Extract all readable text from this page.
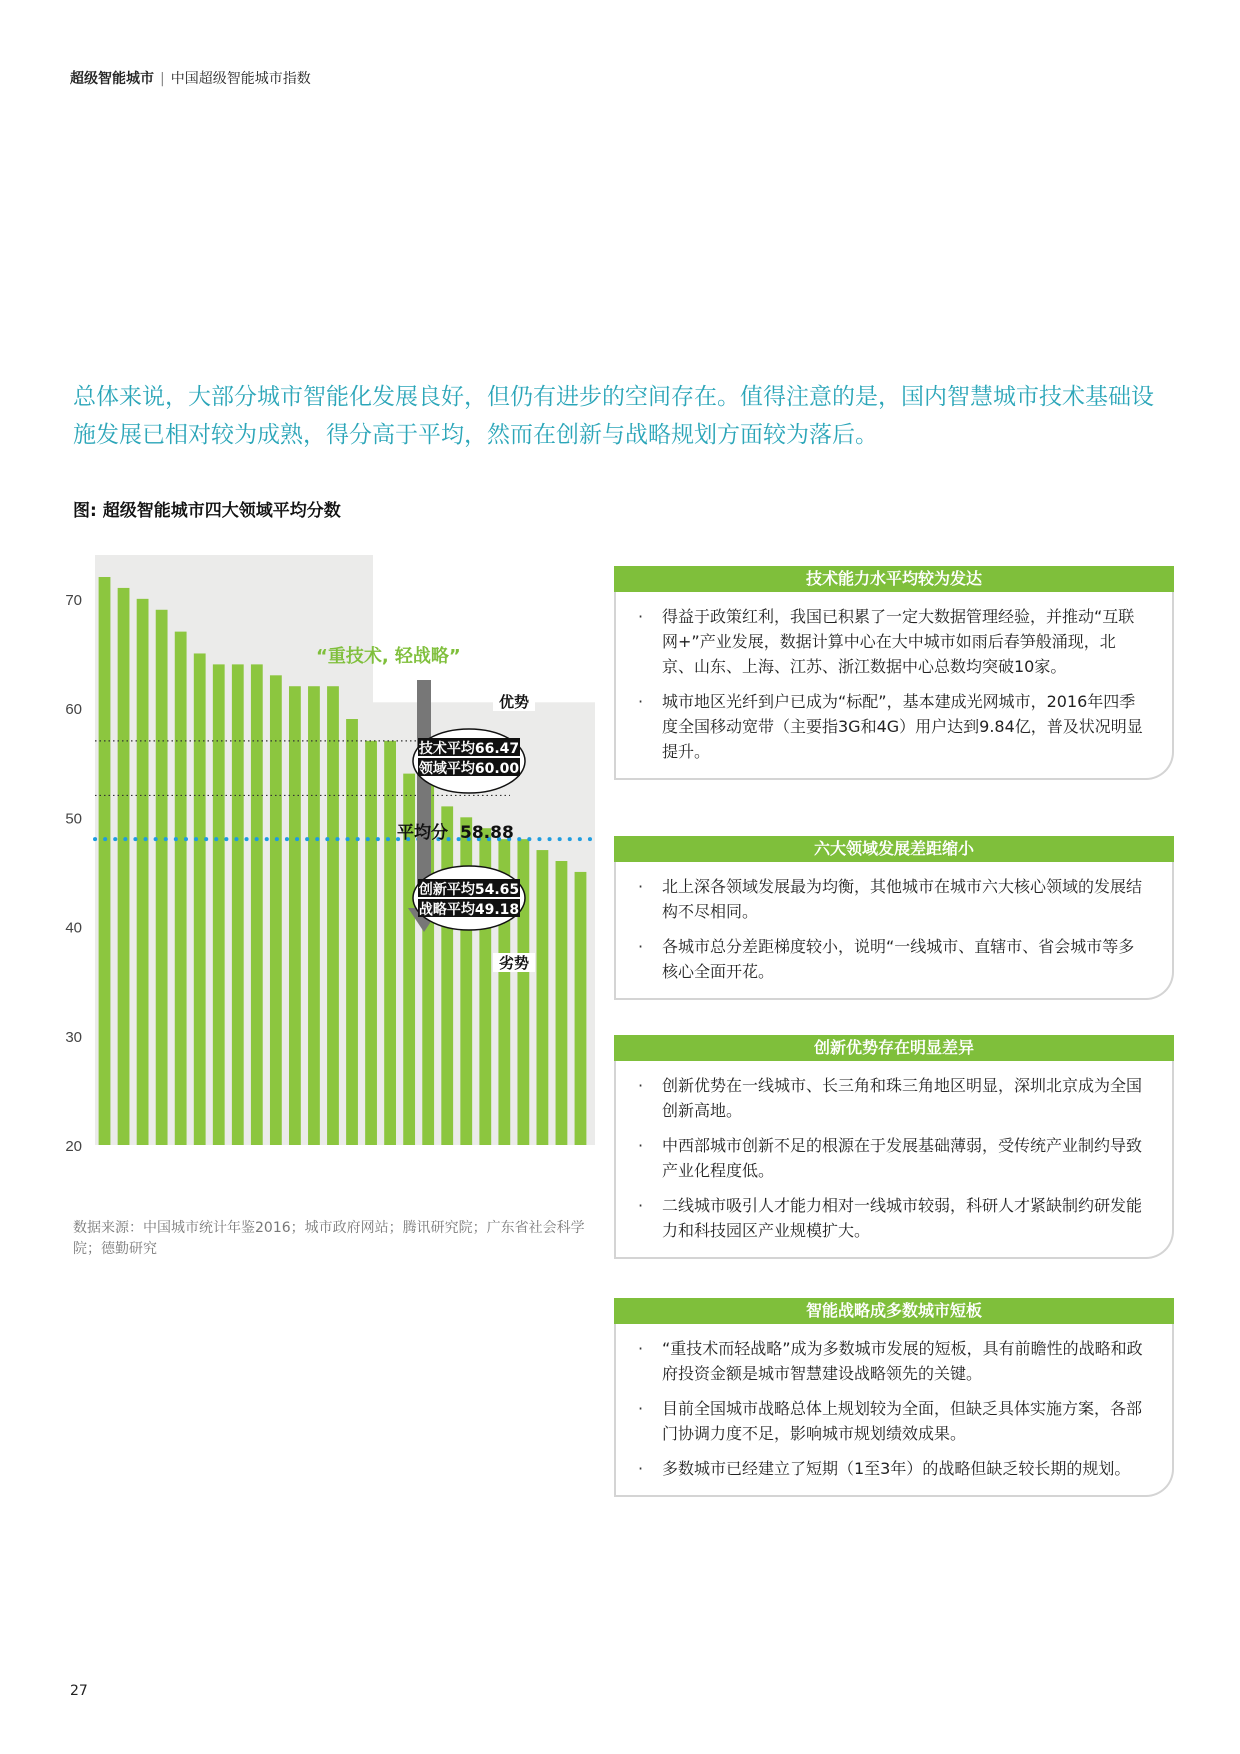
超级智能城市 | 中国超级智能城市指数
总体来说，大部分城市智能化发展良好，但仍有进步的空间存在。值得注意的是，国内智慧城市技术基础设施发展已相对较为成熟，得分高于平均，然而在创新与战略规划方面较为落后。
图: 超级智能城市四大领域平均分数
20
30
40
50
60
70
“重技术, 轻战略”
优势
技术平均66.47
领域平均60.00
平均分 58.88
创新平均54.65
战略平均49.18
劣势
数据来源：中国城市统计年鉴2016；城市政府网站；腾讯研究院；广东省社会科学院；德勤研究
技术能力水平均较为发达
· 得益于政策红利，我国已积累了一定大数据管理经验，并推动“互联网+”产业发展，数据计算中心在大中城市如雨后春笋般涌现，北京、山东、上海、江苏、浙江数据中心总数均突破10家。
· 城市地区光纤到户已成为“标配”，基本建成光网城市，2016年四季度全国移动宽带（主要指3G和4G）用户达到9.84亿，普及状况明显提升。
六大领域发展差距缩小
· 北上深各领域发展最为均衡，其他城市在城市六大核心领域的发展结构不尽相同。
· 各城市总分差距梯度较小，说明“一线城市、直辖市、省会城市等多核心全面开花。
创新优势存在明显差异
· 创新优势在一线城市、长三角和珠三角地区明显，深圳北京成为全国创新高地。
· 中西部城市创新不足的根源在于发展基础薄弱，受传统产业制约导致产业化程度低。
· 二线城市吸引人才能力相对一线城市较弱，科研人才紧缺制约研发能力和科技园区产业规模扩大。
智能战略成多数城市短板
· “重技术而轻战略”成为多数城市发展的短板，具有前瞻性的战略和政府投资金额是城市智慧建设战略领先的关键。
· 目前全国城市战略总体上规划较为全面，但缺乏具体实施方案，各部门协调力度不足，影响城市规划绩效成果。
· 多数城市已经建立了短期（1至3年）的战略但缺乏较长期的规划。
27
